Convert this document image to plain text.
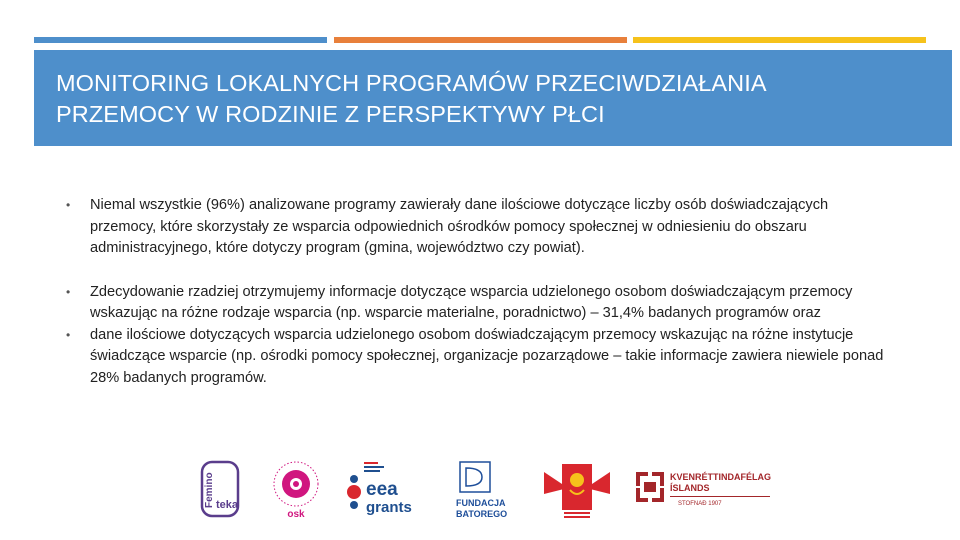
MONITORING LOKALNYCH PROGRAMÓW PRZECIWDZIAŁANIA
PRZEMOCY W RODZINIE Z PERSPEKTYWY PŁCI
• Niemal wszystkie (96%) analizowane programy zawierały dane ilościowe dotyczące liczby osób doświadczających przemocy, które skorzystały ze wsparcia odpowiednich ośrodków pomocy społecznej w odniesieniu do obszaru administracyjnego, które dotyczy program (gmina, województwo czy powiat).
• Zdecydowanie rzadziej otrzymujemy informacje dotyczące wsparcia udzielonego osobom doświadczającym przemocy wskazując na różne rodzaje wsparcia (np. wsparcie materialne, poradnictwo) – 31,4% badanych programów oraz
• dane ilościowe dotyczących wsparcia udzielonego osobom doświadczającym przemocy wskazując na różne instytucje świadczące wsparcie (np. ośrodki pomocy społecznej, organizacje pozarządowe – takie informacje zawiera niewiele ponad 28% badanych programów.
Femino teka
osk
eea
grants	FUNDACJA
BATOREGO
KVENRÉTTINDAFÉLAG
ÍSLANDS
STOFNAÐ 1907
